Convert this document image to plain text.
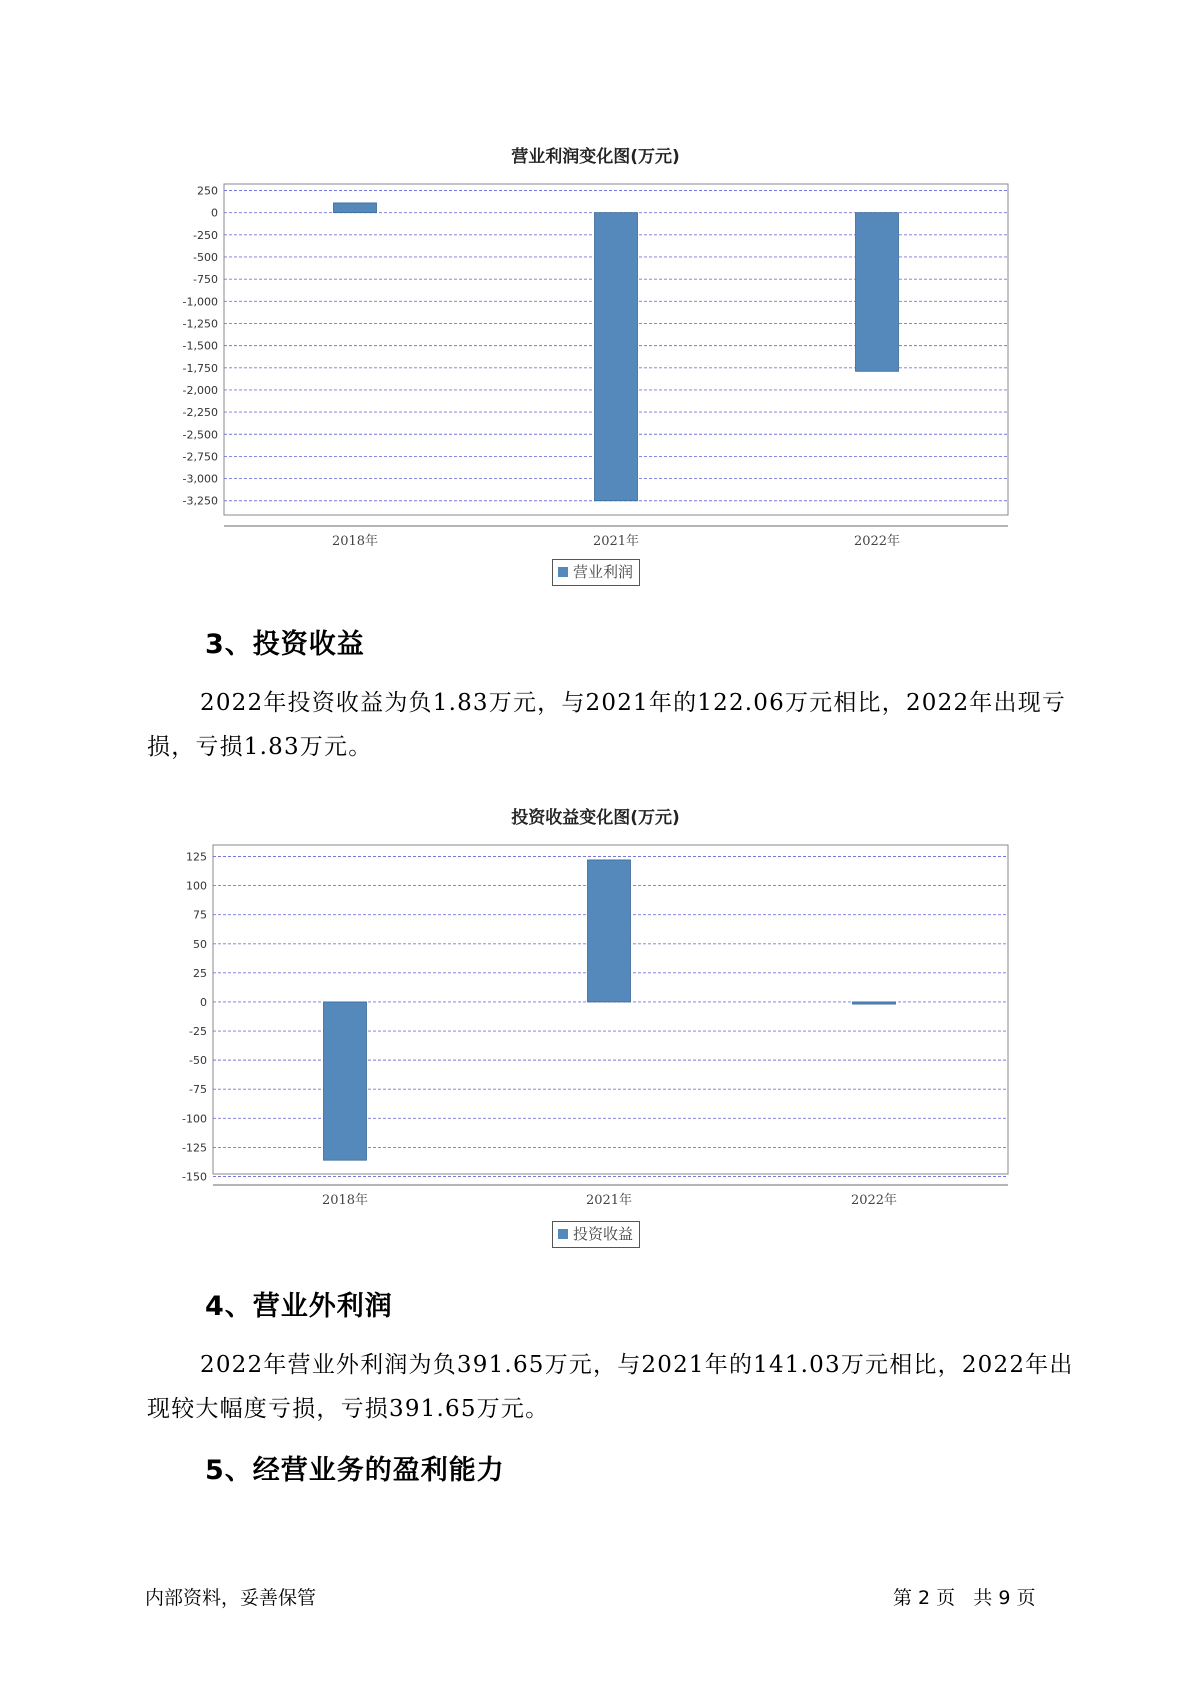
营业利润变化图(万元)
250
0
-250
-500
-750
-1,000
-1,250
-1,500
-1,750
-2,000
-2,250
-2,500
-2,750
-3,000
-3,250
2018年	2021年	2022年
营业利润
3、投资收益
2022年投资收益为负1.83万元，与2021年的122.06万元相比，2022年出现亏损，亏损1.83万元。
投资收益变化图(万元)
125
100
75
50
25
0
-25
-50
-75
-100
-125
-150
2018年	2021年	2022年
投资收益
4、营业外利润
2022年营业外利润为负391.65万元，与2021年的141.03万元相比，2022年出现较大幅度亏损，亏损391.65万元。
5、经营业务的盈利能力
内部资料，妥善保管	第 2 页   共 9 页
